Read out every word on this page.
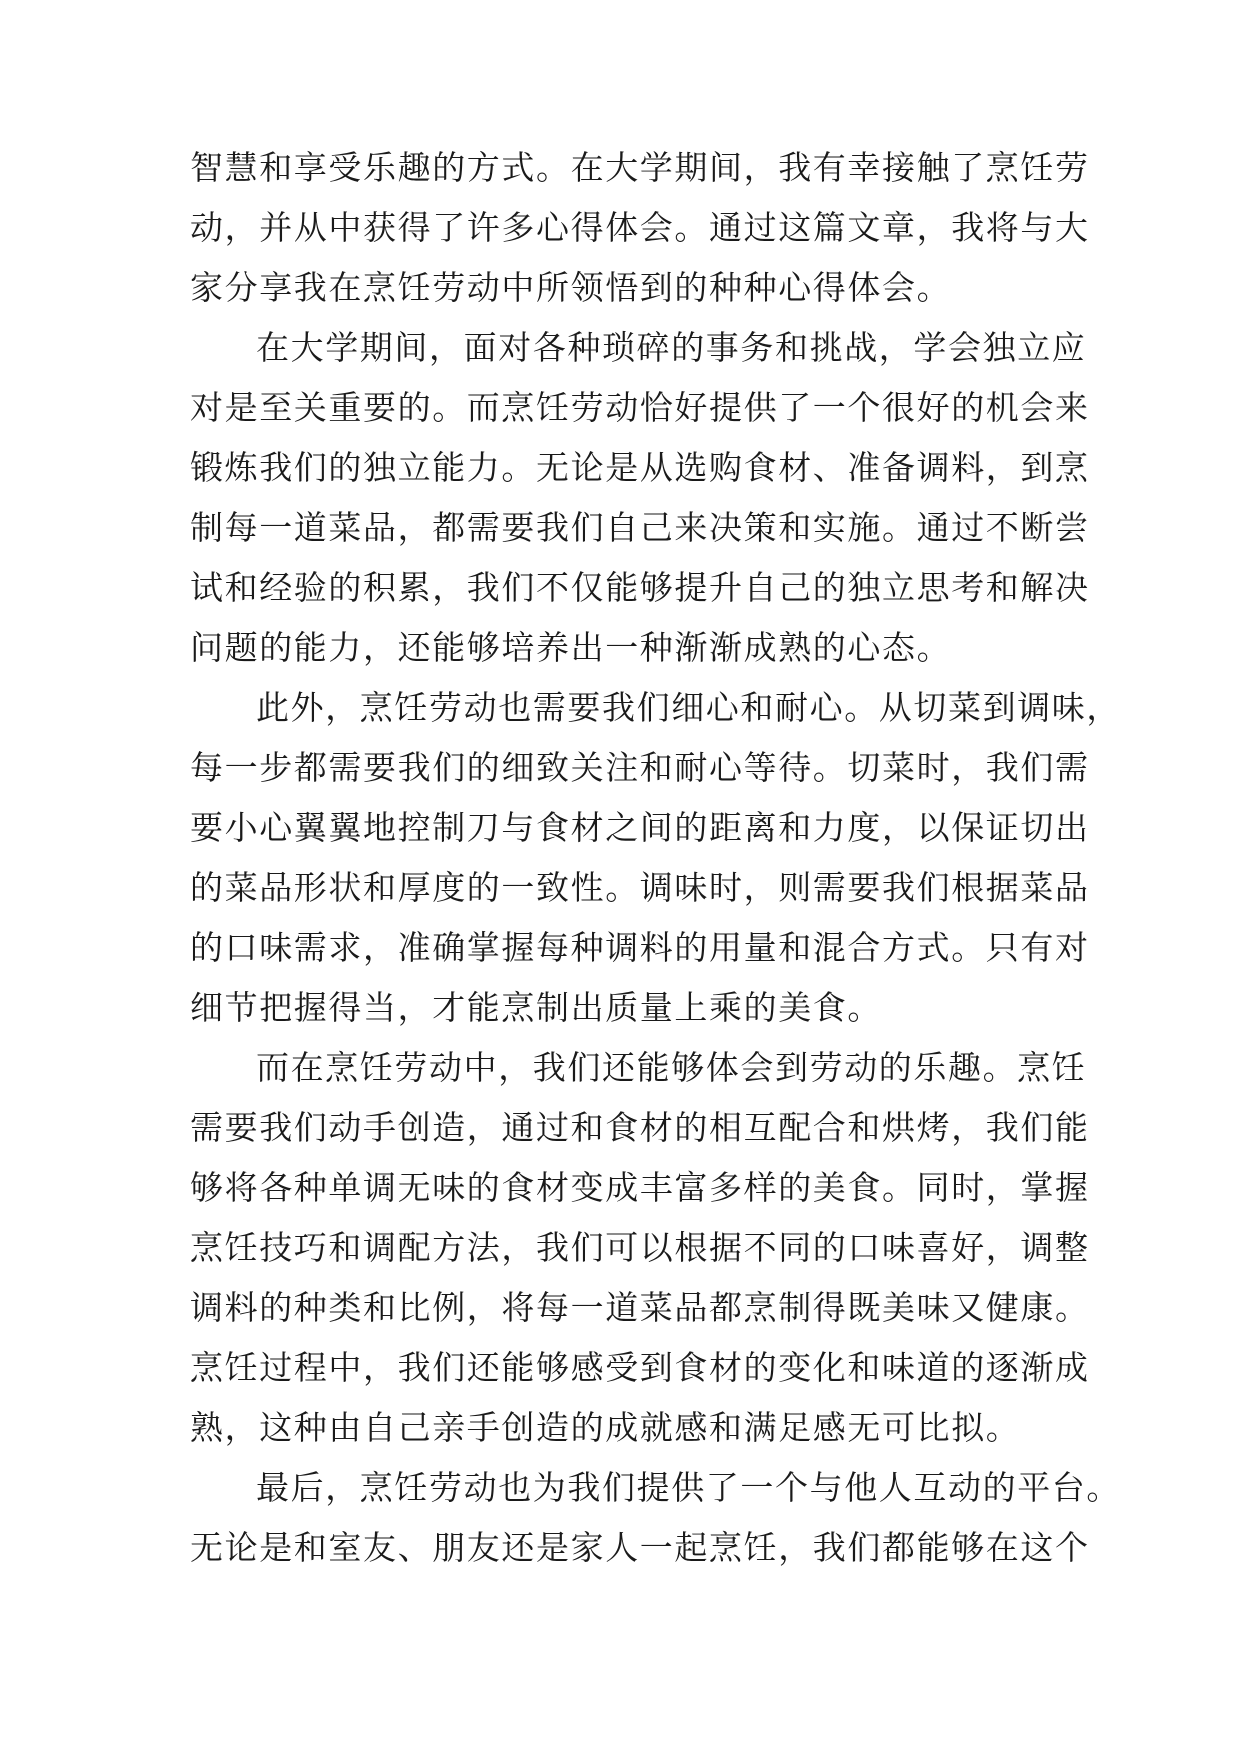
智慧和享受乐趣的方式。在大学期间，我有幸接触了烹饪劳
动，并从中获得了许多心得体会。通过这篇文章，我将与大
家分享我在烹饪劳动中所领悟到的种种心得体会。
在大学期间，面对各种琐碎的事务和挑战，学会独立应
对是至关重要的。而烹饪劳动恰好提供了一个很好的机会来
锻炼我们的独立能力。无论是从选购食材、准备调料，到烹
制每一道菜品，都需要我们自己来决策和实施。通过不断尝
试和经验的积累，我们不仅能够提升自己的独立思考和解决
问题的能力，还能够培养出一种渐渐成熟的心态。
此外，烹饪劳动也需要我们细心和耐心。从切菜到调味，
每一步都需要我们的细致关注和耐心等待。切菜时，我们需
要小心翼翼地控制刀与食材之间的距离和力度，以保证切出
的菜品形状和厚度的一致性。调味时，则需要我们根据菜品
的口味需求，准确掌握每种调料的用量和混合方式。只有对
细节把握得当，才能烹制出质量上乘的美食。
而在烹饪劳动中，我们还能够体会到劳动的乐趣。烹饪
需要我们动手创造，通过和食材的相互配合和烘烤，我们能
够将各种单调无味的食材变成丰富多样的美食。同时，掌握
烹饪技巧和调配方法，我们可以根据不同的口味喜好，调整
调料的种类和比例，将每一道菜品都烹制得既美味又健康。
烹饪过程中，我们还能够感受到食材的变化和味道的逐渐成
熟，这种由自己亲手创造的成就感和满足感无可比拟。
最后，烹饪劳动也为我们提供了一个与他人互动的平台。
无论是和室友、朋友还是家人一起烹饪，我们都能够在这个
